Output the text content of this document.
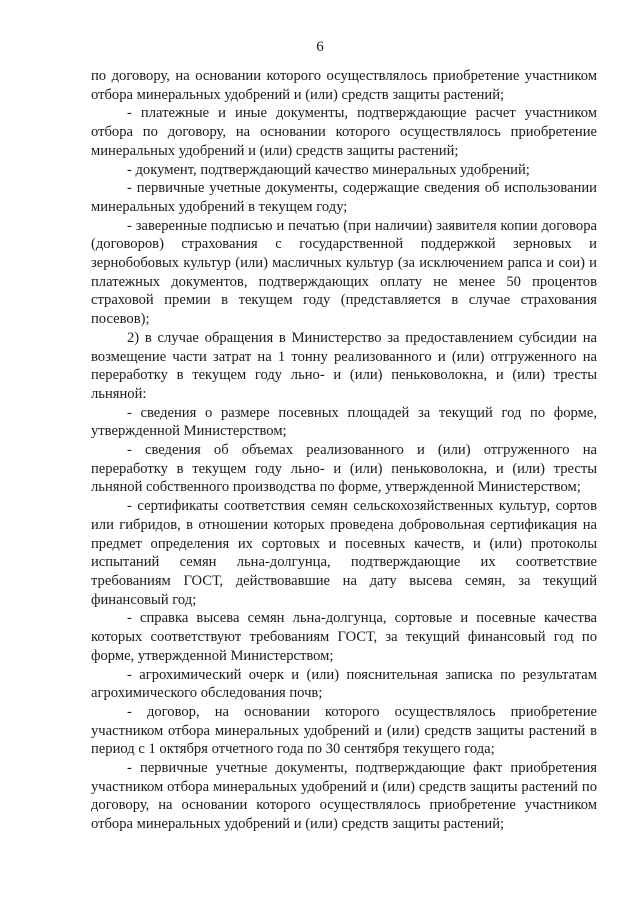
6

по договору, на основании которого осуществлялось приобретение участником отбора минеральных удобрений и (или) средств защиты растений;

- платежные и иные документы, подтверждающие расчет участником отбора по договору, на основании которого осуществлялось приобретение минеральных удобрений и (или) средств защиты растений;

- документ, подтверждающий качество минеральных удобрений;

- первичные учетные документы, содержащие сведения об использовании минеральных удобрений в текущем году;

- заверенные подписью и печатью (при наличии) заявителя копии договора (договоров) страхования с государственной поддержкой зерновых и зернобобовых культур (или) масличных культур (за исключением рапса и сои) и платежных документов, подтверждающих оплату не менее 50 процентов страховой премии в текущем году (представляется в случае страхования посевов);

2) в случае обращения в Министерство за предоставлением субсидии на возмещение части затрат на 1 тонну реализованного и (или) отгруженного на переработку в текущем году льно- и (или) пеньковолокна, и (или) тресты льняной:

- сведения о размере посевных площадей за текущий год по форме, утвержденной Министерством;

- сведения об объемах реализованного и (или) отгруженного на переработку в текущем году льно- и (или) пеньковолокна, и (или) тресты льняной собственного производства по форме, утвержденной Министерством;

- сертификаты соответствия семян сельскохозяйственных культур, сортов или гибридов, в отношении которых проведена добровольная сертификация на предмет определения их сортовых и посевных качеств, и (или) протоколы испытаний семян льна-долгунца, подтверждающие их соответствие требованиям ГОСТ, действовавшие на дату высева семян, за текущий финансовый год;

- справка высева семян льна-долгунца, сортовые и посевные качества которых соответствуют требованиям ГОСТ, за текущий финансовый год по форме, утвержденной Министерством;

- агрохимический очерк и (или) пояснительная записка по результатам агрохимического обследования почв;

- договор, на основании которого осуществлялось приобретение участником отбора минеральных удобрений и (или) средств защиты растений в период с 1 октября отчетного года по 30 сентября текущего года;

- первичные учетные документы, подтверждающие факт приобретения участником отбора минеральных удобрений и (или) средств защиты растений по договору, на основании которого осуществлялось приобретение участником отбора минеральных удобрений и (или) средств защиты растений;
